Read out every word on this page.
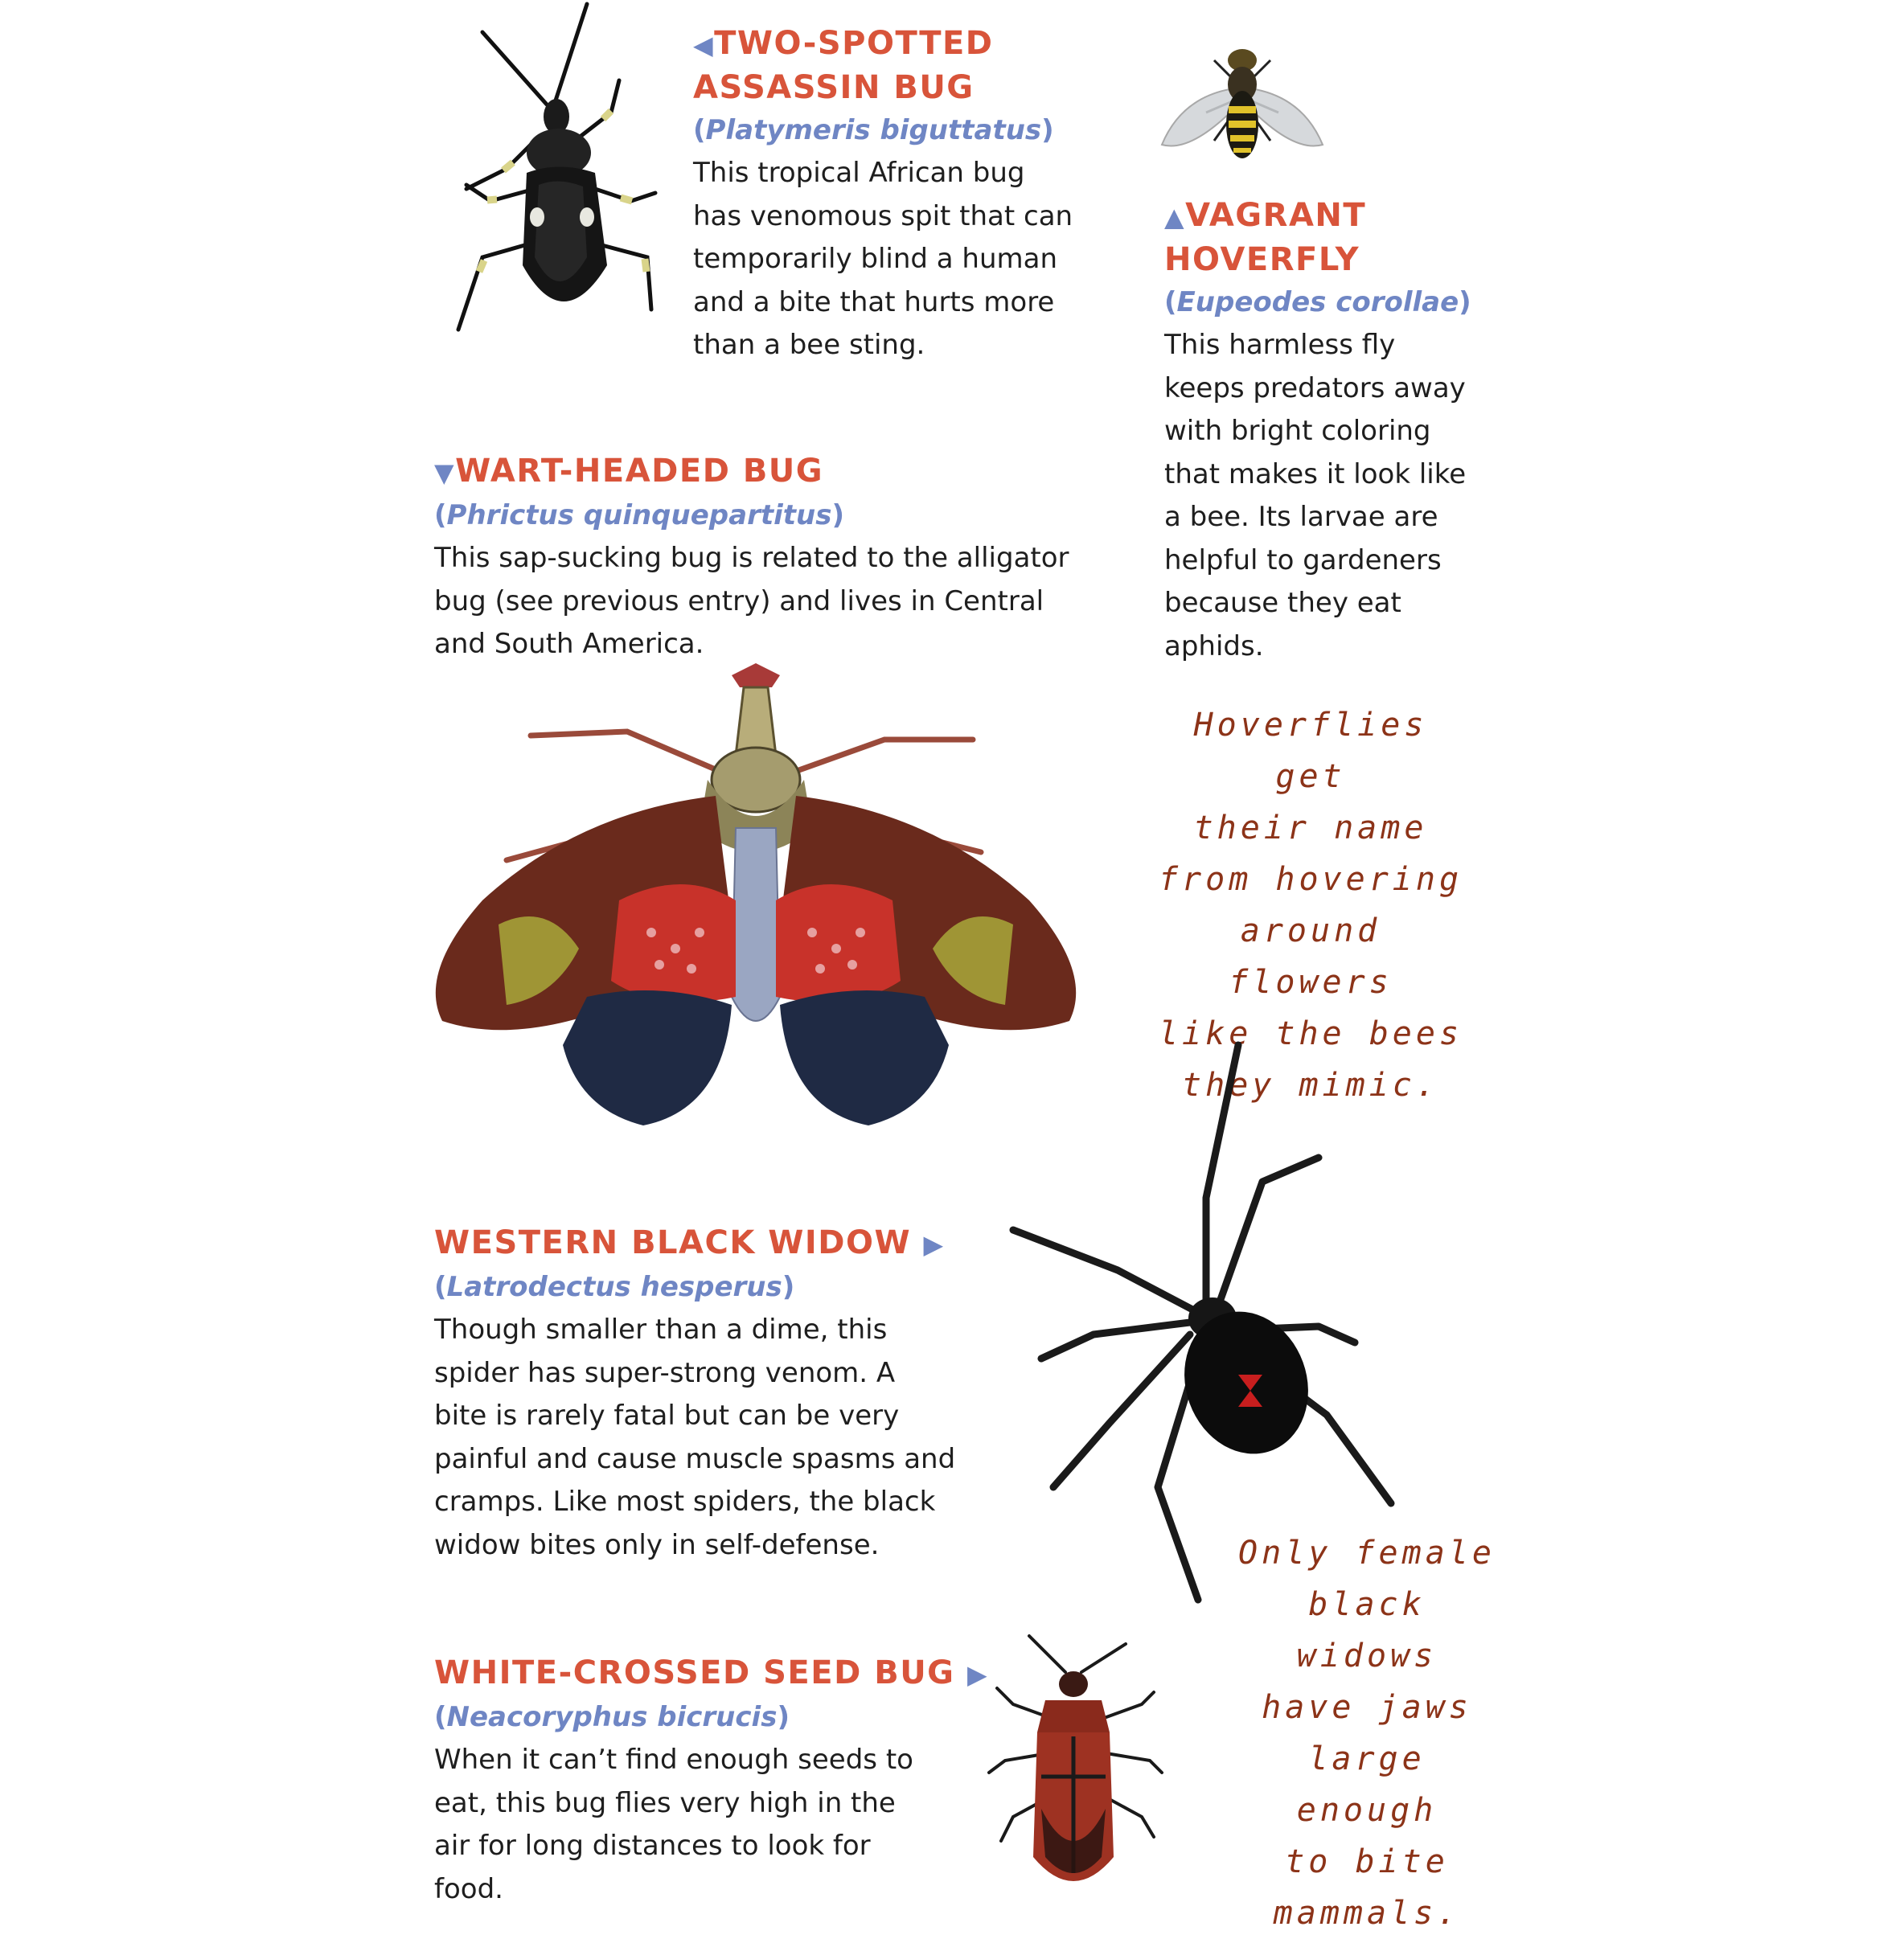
◀TWO-SPOTTED
ASSASSIN BUG
(Platymeris biguttatus)
This tropical African bug
has venomous spit that can
temporarily blind a human
and a bite that hurts more
than a bee sting.
▲VAGRANT
HOVERFLY
(Eupeodes corollae)
This harmless fly
keeps predators away
with bright coloring
that makes it look like
a bee. Its larvae are
helpful to gardeners
because they eat
aphids.
▼WART-HEADED BUG
(Phrictus quinquepartitus)
This sap-sucking bug is related to the alligator
bug (see previous entry) and lives in Central
and South America.
Hoverflies get
their name
from hovering
around flowers
like the bees
they mimic.
WESTERN BLACK WIDOW ▶
(Latrodectus hesperus)
Though smaller than a dime, this
spider has super-strong venom. A
bite is rarely fatal but can be very
painful and cause muscle spasms and
cramps. Like most spiders, the black
widow bites only in self-defense.	Only female
black widows
have jaws
large enough
to bite
mammals.
WHITE-CROSSED SEED BUG ▶
(Neacoryphus bicrucis)
When it can’t find enough seeds to
eat, this bug flies very high in the
air for long distances to look for
food.
